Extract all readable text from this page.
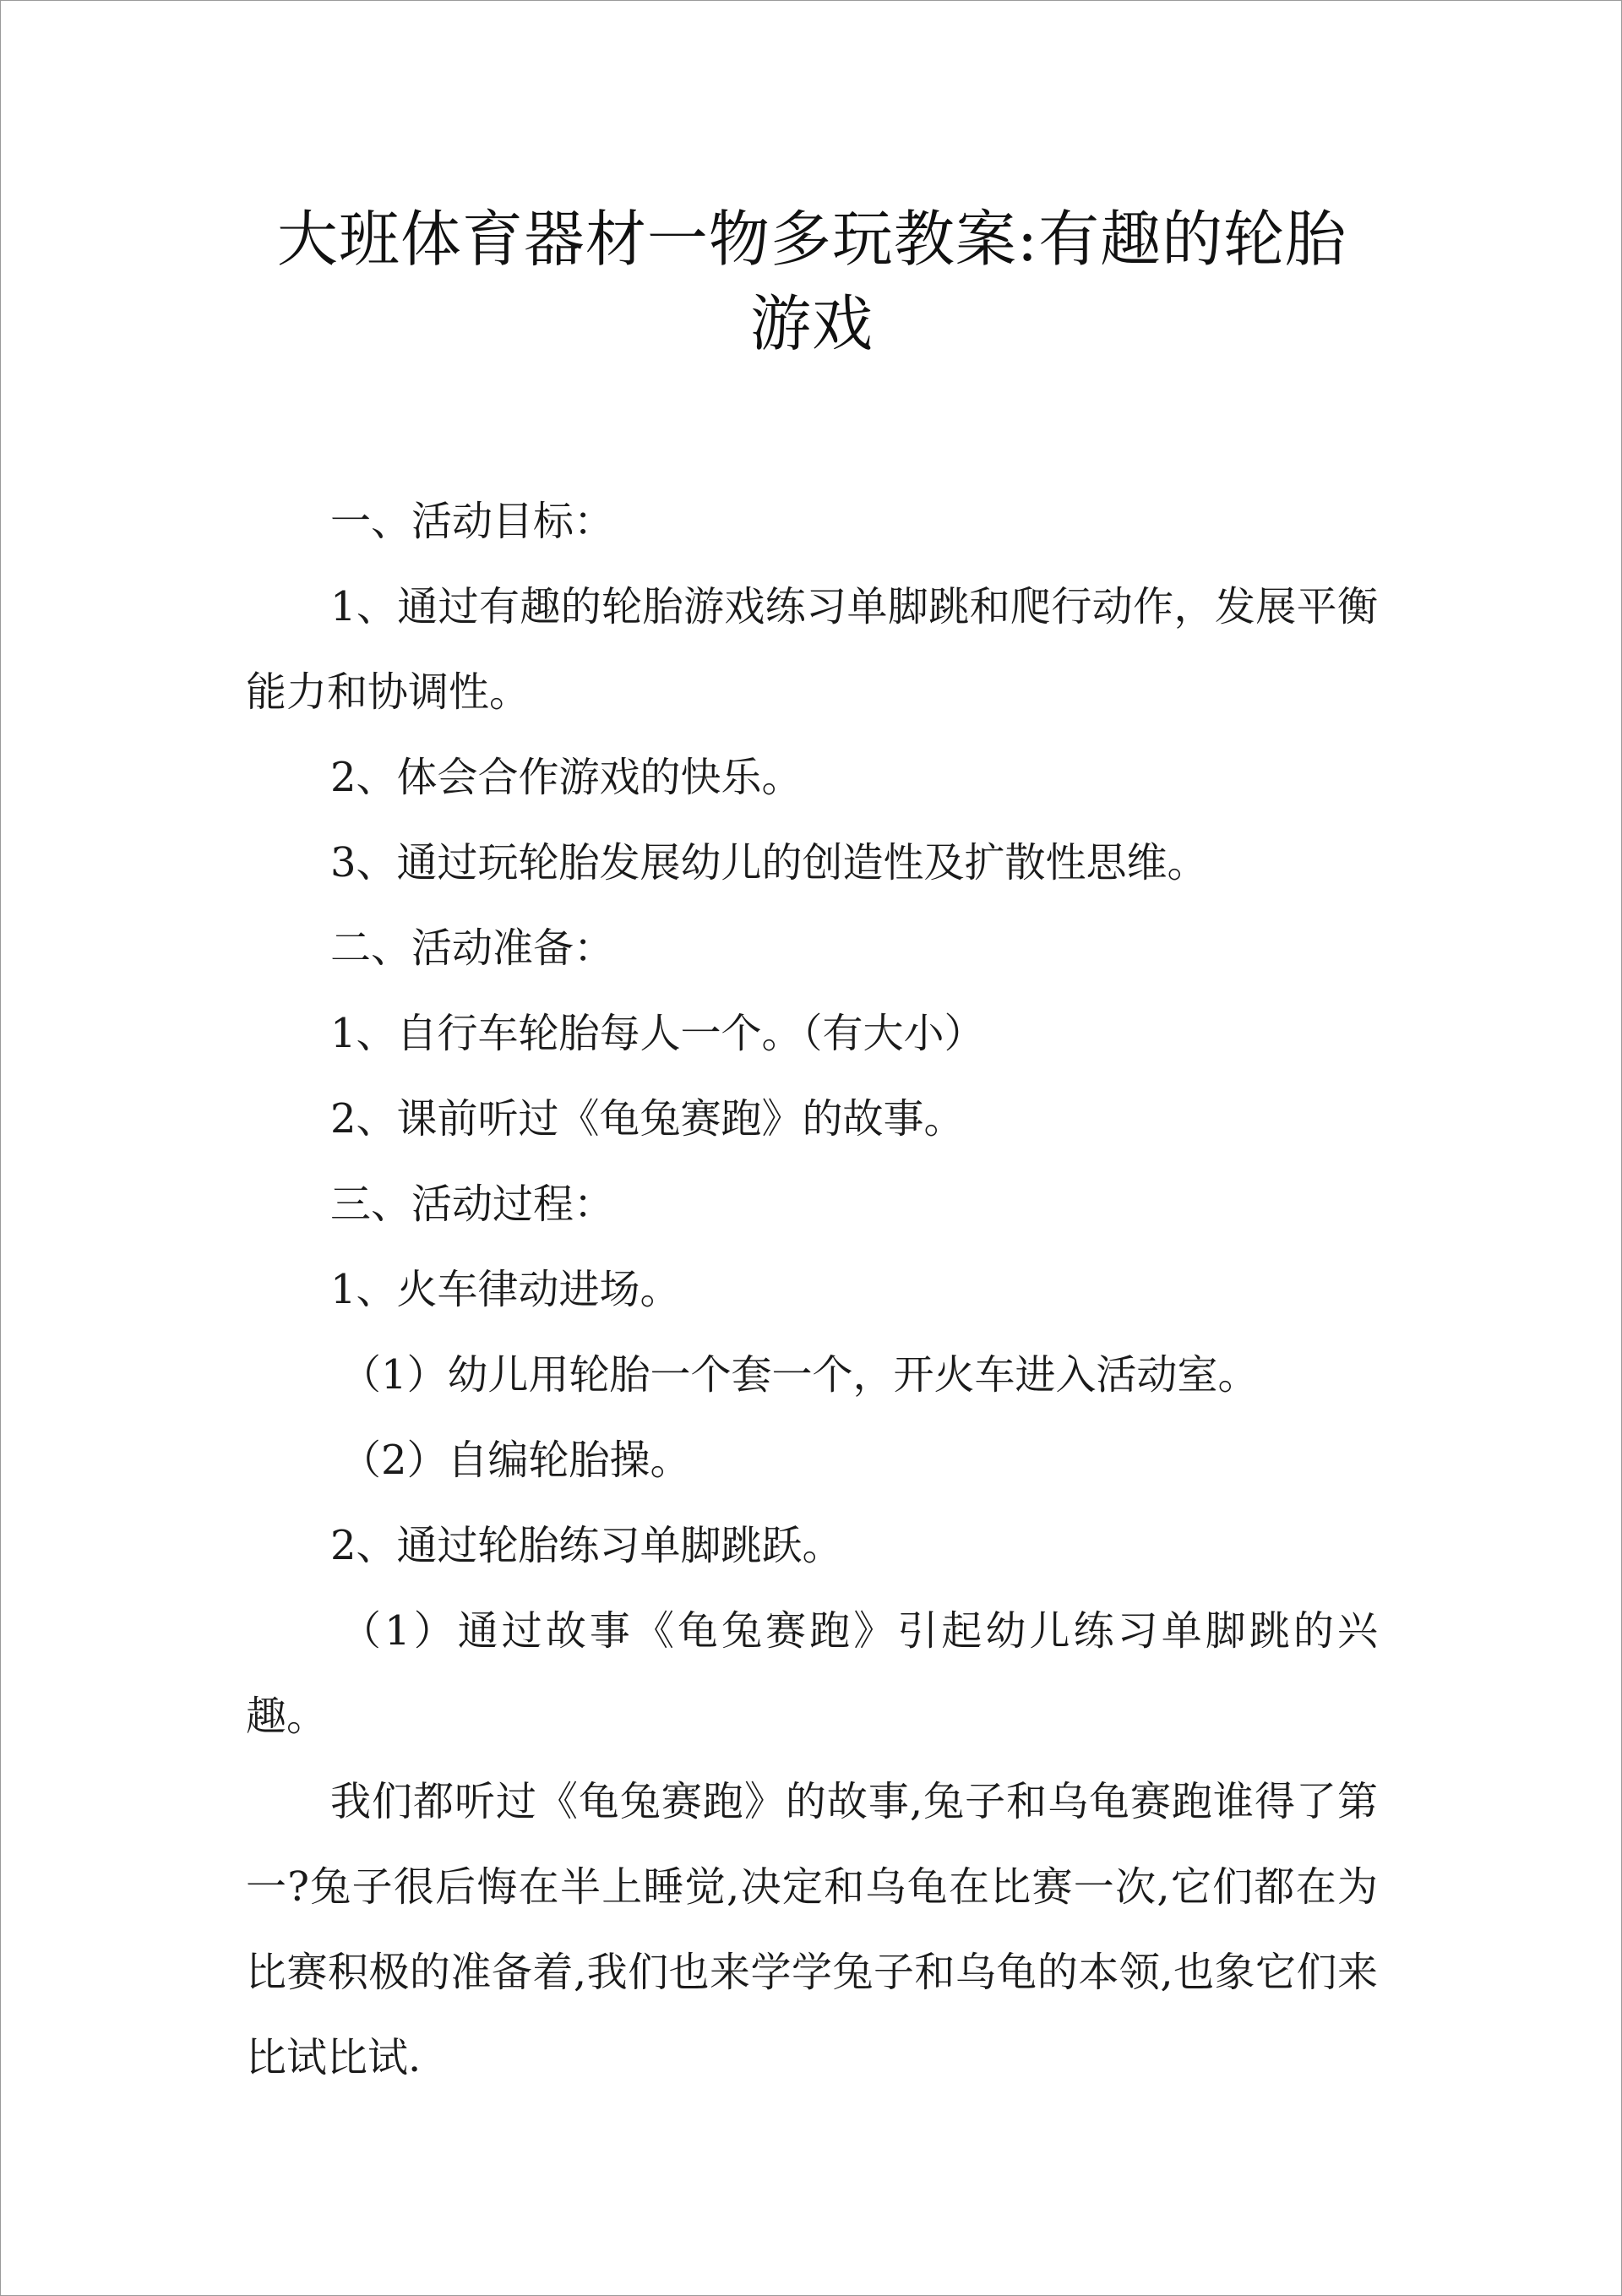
大班体育器材一物多玩教案:有趣的轮胎游戏

一、活动目标：

1、通过有趣的轮胎游戏练习单脚跳和爬行动作，发展平衡能力和协调性。

2、体会合作游戏的快乐。

3、通过玩轮胎发展幼儿的创造性及扩散性思维。

二、活动准备：

1、自行车轮胎每人一个。（有大小）

2、课前听过《龟兔赛跑》的故事。

三、活动过程：

1、火车律动进场。

（1）幼儿用轮胎一个套一个，开火车进入活动室。

（2）自编轮胎操。

2、通过轮胎练习单脚跳跃。

（1）通过故事《龟兔赛跑》引起幼儿练习单脚跳的兴趣。

我们都听过《龟兔赛跑》的故事,兔子和乌龟赛跑谁得了第一?兔子很后悔在半上睡觉,决定和乌龟在比赛一次,它们都在为比赛积极的准备着,我们也来学学兔子和乌龟的本领,也象它们来比试比试.
